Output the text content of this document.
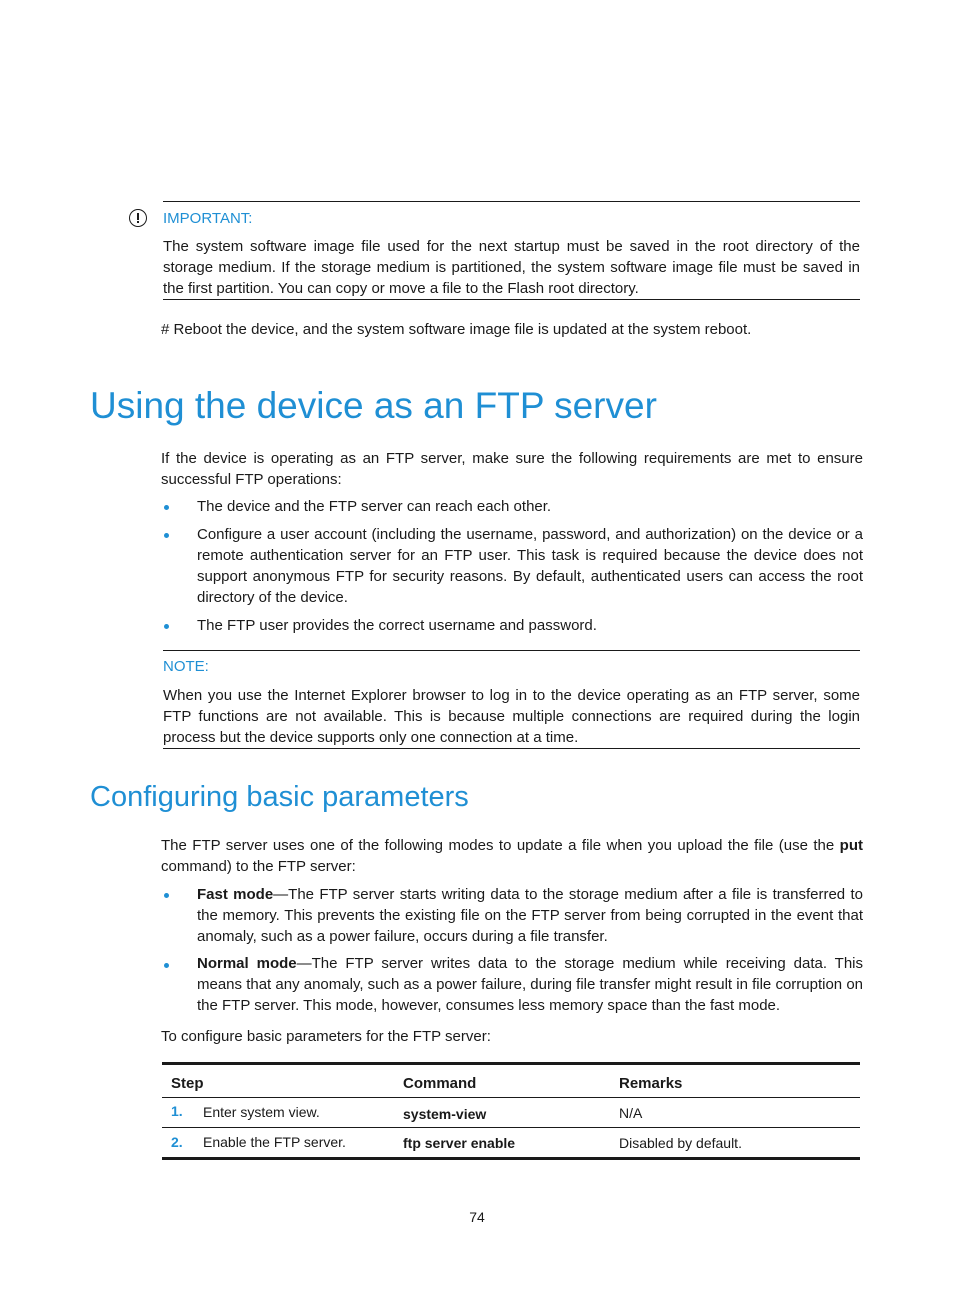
IMPORTANT:
The system software image file used for the next startup must be saved in the root directory of the storage medium. If the storage medium is partitioned, the system software image file must be saved in the first partition. You can copy or move a file to the Flash root directory.
# Reboot the device, and the system software image file is updated at the system reboot.
Using the device as an FTP server
If the device is operating as an FTP server, make sure the following requirements are met to ensure successful FTP operations:
The device and the FTP server can reach each other.
Configure a user account (including the username, password, and authorization) on the device or a remote authentication server for an FTP user. This task is required because the device does not support anonymous FTP for security reasons. By default, authenticated users can access the root directory of the device.
The FTP user provides the correct username and password.
NOTE:
When you use the Internet Explorer browser to log in to the device operating as an FTP server, some FTP functions are not available. This is because multiple connections are required during the login process but the device supports only one connection at a time.
Configuring basic parameters
The FTP server uses one of the following modes to update a file when you upload the file (use the put command) to the FTP server:
Fast mode—The FTP server starts writing data to the storage medium after a file is transferred to the memory. This prevents the existing file on the FTP server from being corrupted in the event that anomaly, such as a power failure, occurs during a file transfer.
Normal mode—The FTP server writes data to the storage medium while receiving data. This means that any anomaly, such as a power failure, during file transfer might result in file corruption on the FTP server. This mode, however, consumes less memory space than the fast mode.
To configure basic parameters for the FTP server:
Step	Command	Remarks
1. Enter system view.	system-view	N/A
2. Enable the FTP server.	ftp server enable	Disabled by default.
74
